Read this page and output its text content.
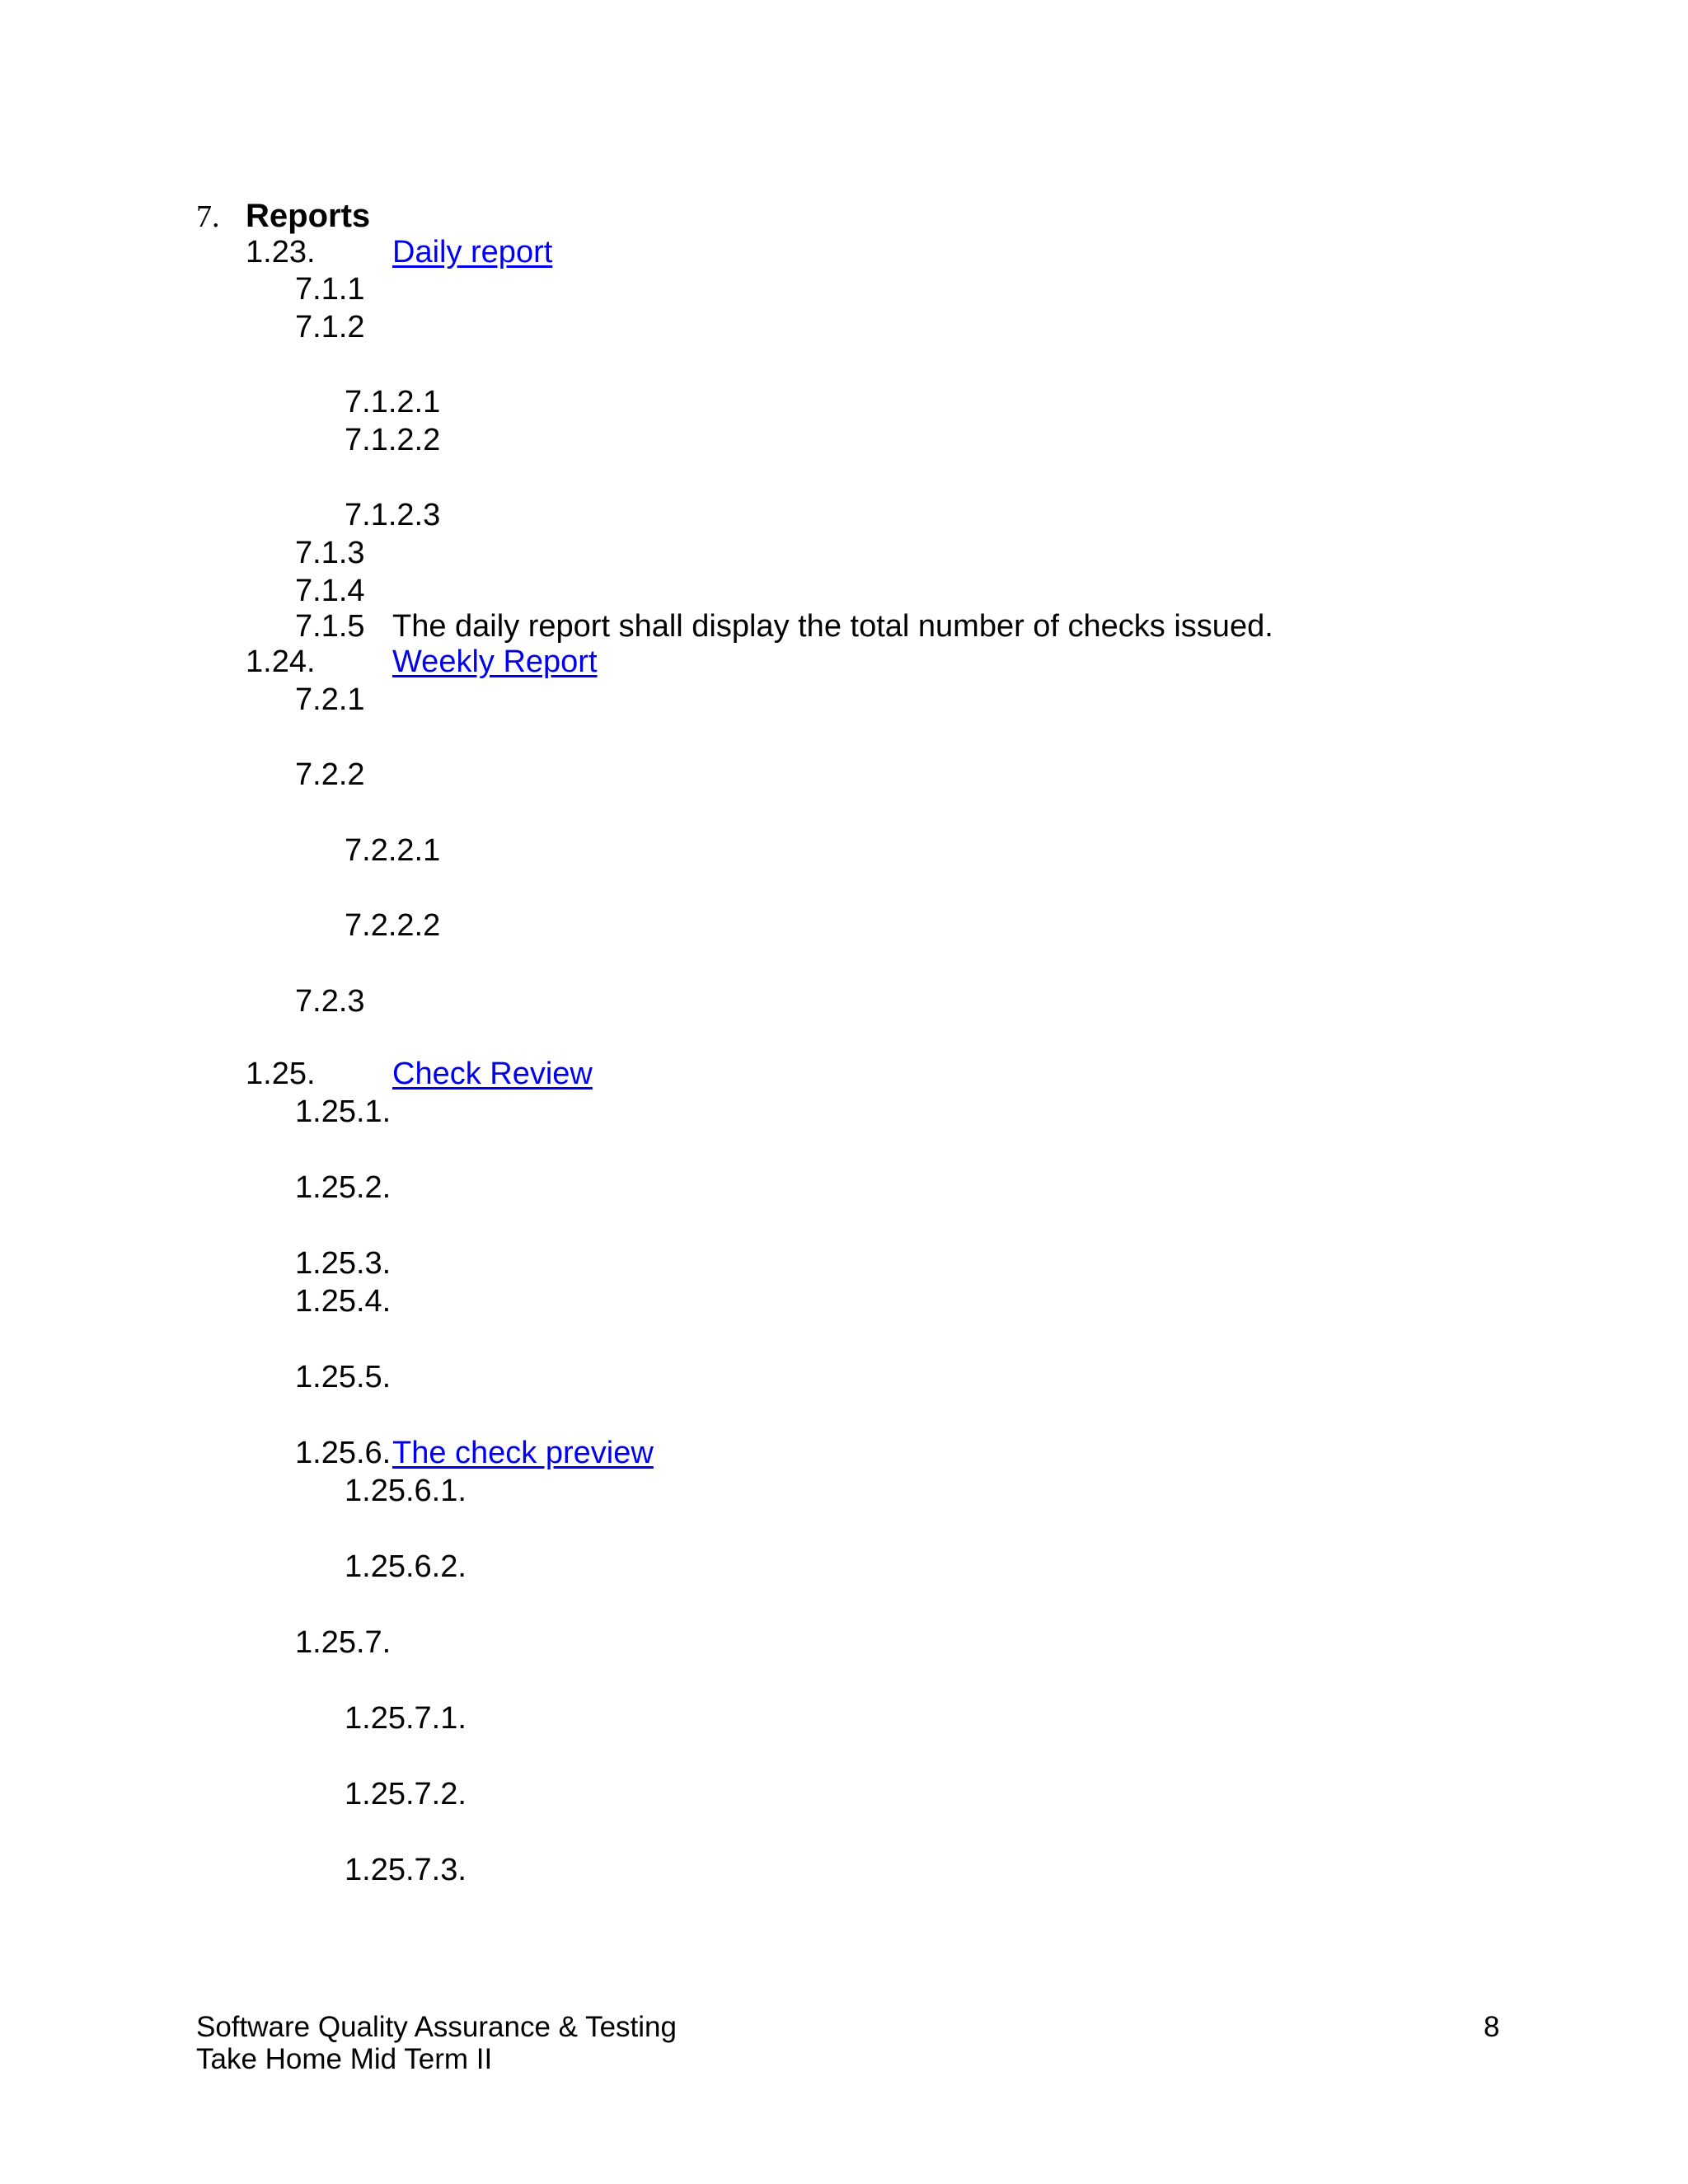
7. Reports
1.23. Daily report
7.1.1
7.1.2
7.1.2.1
7.1.2.2
7.1.2.3
7.1.3
7.1.4
7.1.5 The daily report shall display the total number of checks issued.
1.24. Weekly Report
7.2.1
7.2.2
7.2.2.1
7.2.2.2
7.2.3
1.25. Check Review
1.25.1.
1.25.2.
1.25.3.
1.25.4.
1.25.5.
1.25.6. The check preview
1.25.6.1.
1.25.6.2.
1.25.7.
1.25.7.1.
1.25.7.2.
1.25.7.3.
Software Quality Assurance & Testing
Take Home Mid Term II
8
